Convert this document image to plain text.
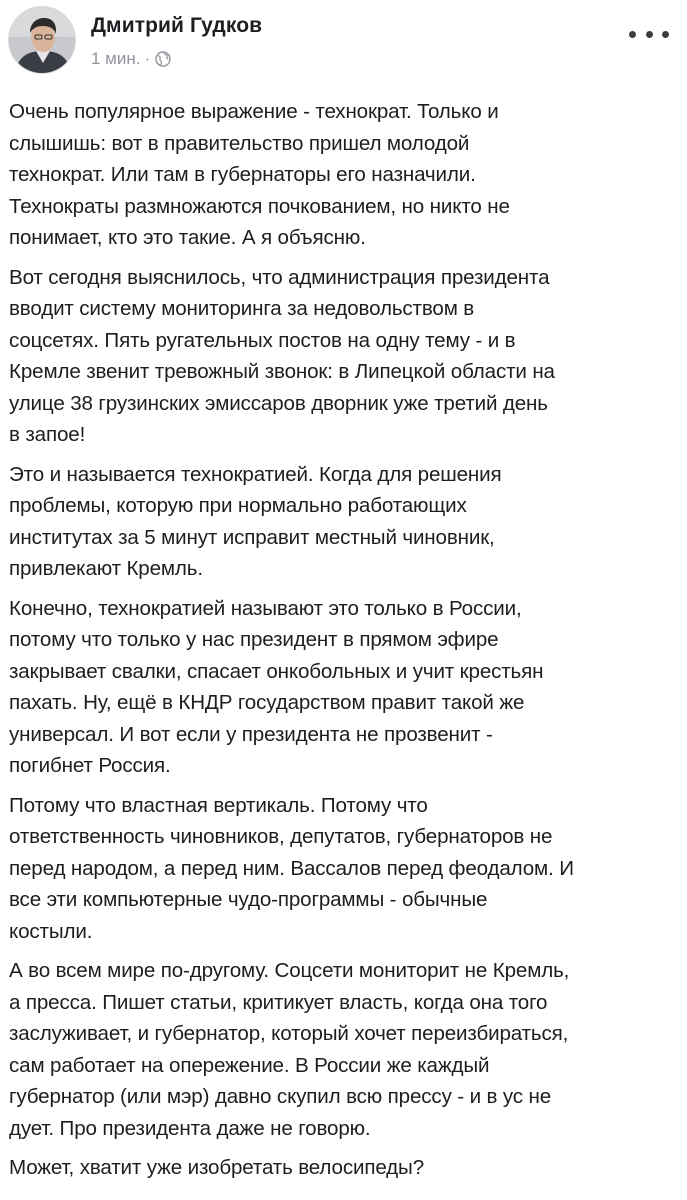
Дмитрий Гудков
1 мин. ·

Очень популярное выражение - технократ. Только и
слышишь: вот в правительство пришел молодой
технократ. Или там в губернаторы его назначили.
Технократы размножаются почкованием, но никто не
понимает, кто это такие. А я объясню.

Вот сегодня выяснилось, что администрация президента
вводит систему мониторинга за недовольством в
соцсетях. Пять ругательных постов на одну тему - и в
Кремле звенит тревожный звонок: в Липецкой области на
улице 38 грузинских эмиссаров дворник уже третий день
в запое!

Это и называется технократией. Когда для решения
проблемы, которую при нормально работающих
институтах за 5 минут исправит местный чиновник,
привлекают Кремль.

Конечно, технократией называют это только в России,
потому что только у нас президент в прямом эфире
закрывает свалки, спасает онкобольных и учит крестьян
пахать. Ну, ещё в КНДР государством правит такой же
универсал. И вот если у президента не прозвенит -
погибнет Россия.

Потому что властная вертикаль. Потому что
ответственность чиновников, депутатов, губернаторов не
перед народом, а перед ним. Вассалов перед феодалом. И
все эти компьютерные чудо-программы - обычные
костыли.

А во всем мире по-другому. Соцсети мониторит не Кремль,
а пресса. Пишет статьи, критикует власть, когда она того
заслуживает, и губернатор, который хочет переизбираться,
сам работает на опережение. В России же каждый
губернатор (или мэр) давно скупил всю прессу - и в ус не
дует. Про президента даже не говорю.

Может, хватит уже изобретать велосипеды?
